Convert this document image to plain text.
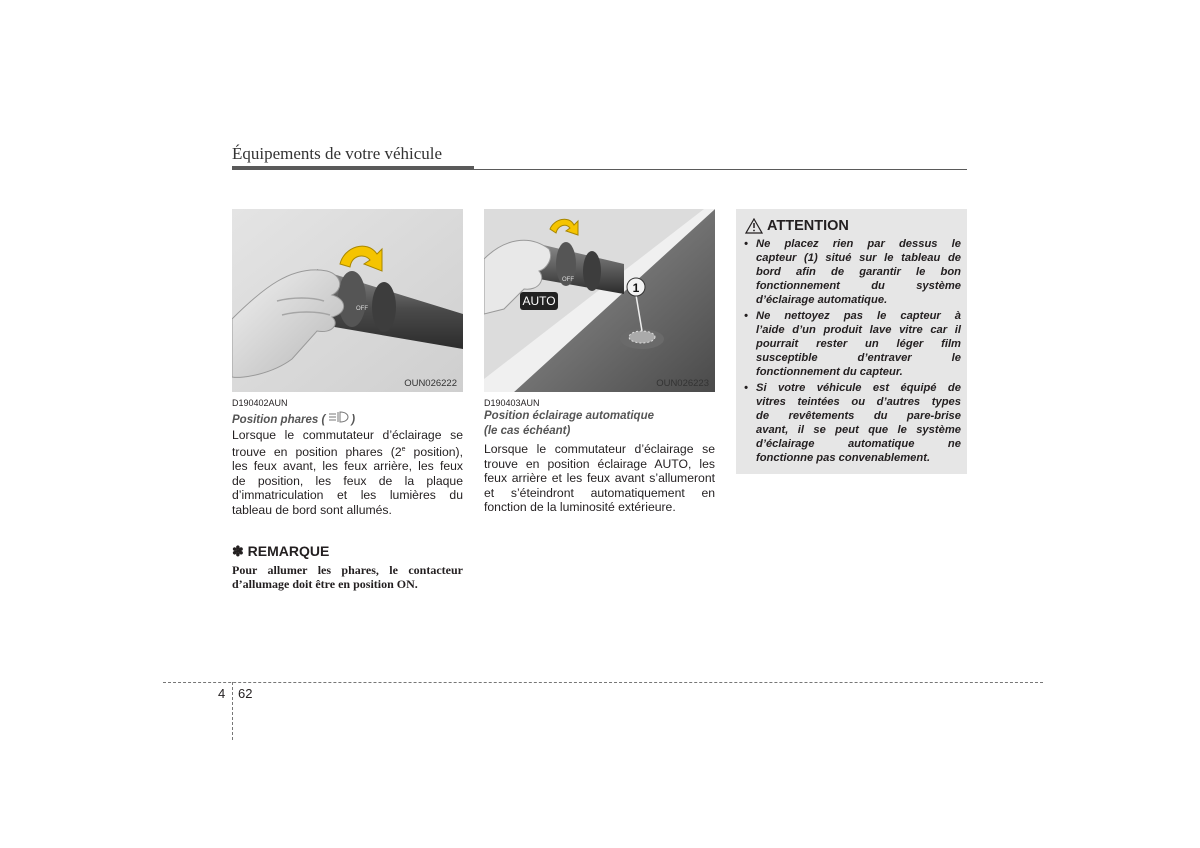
Équipements de votre véhicule
OFF
OUN026222
OFF
AUTO
1
OUN026223
D190402AUN
Position phares ( )
Lorsque le commutateur d’éclairage se
trouve en position phares (2e position),
les feux avant, les feux arrière, les feux
de position, les feux de la plaque
d’immatriculation et les lumières du
tableau de bord sont allumés.
D190403AUN
Position éclairage automatique
(le cas échéant)
Lorsque le commutateur d’éclairage se
trouve en position éclairage AUTO, les
feux arrière et les feux avant s’allumeront
et s’éteindront automatiquement en
fonction de la luminosité extérieure.
✽ REMARQUE
Pour allumer les phares, le contacteur
d’allumage doit être en position ON.
ATTENTION
• Ne placez rien par dessus le
capteur (1) situé sur le tableau de
bord afin de garantir le bon
fonctionnement du système
d’éclairage automatique.
• Ne nettoyez pas le capteur à
l’aide d’un produit lave vitre car il
pourrait rester un léger film
susceptible d’entraver le
fonctionnement du capteur.
• Si votre véhicule est équipé de
vitres teintées ou d’autres types
de revêtements du pare-brise
avant, il se peut que le système
d’éclairage automatique ne
fonctionne pas convenablement.
4 62
